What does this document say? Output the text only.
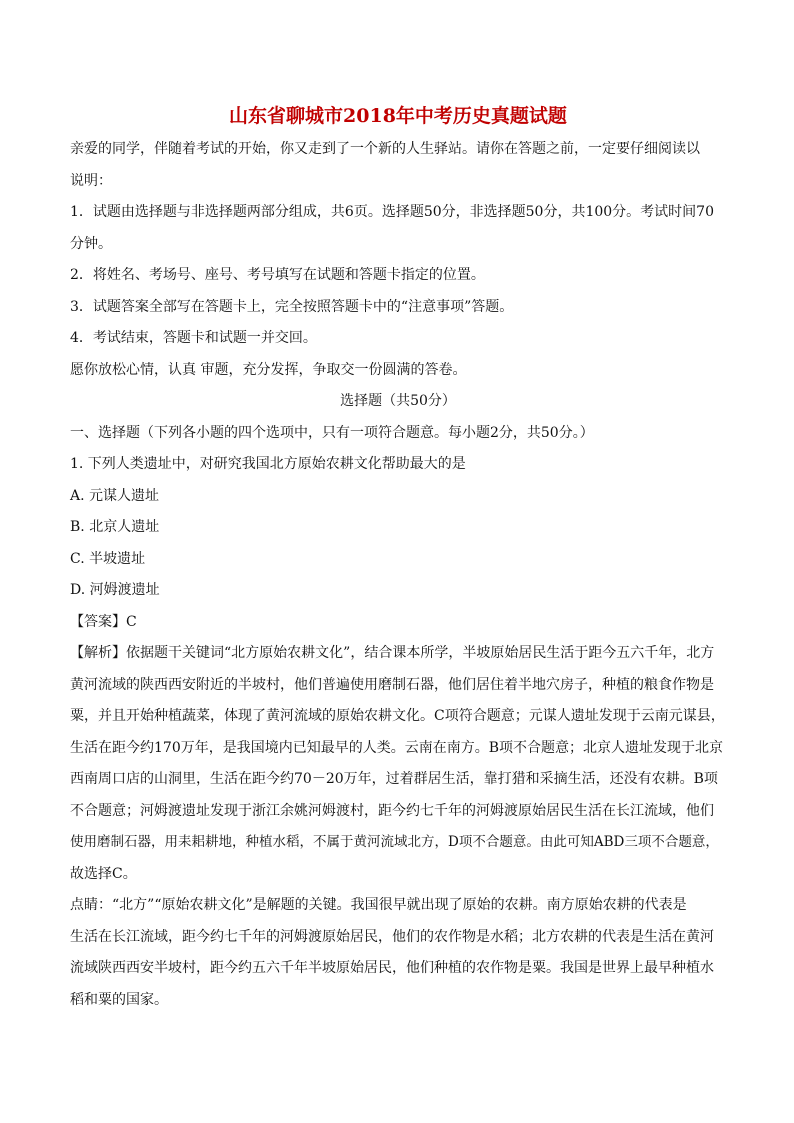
山东省聊城市2018年中考历史真题试题
亲爱的同学，伴随着考试的开始，你又走到了一个新的人生驿站。请你在答题之前，一定要仔细阅读以
说明：
1．试题由选择题与非选择题两部分组成，共6页。选择题50分，非选择题50分，共100分。考试时间70
分钟。
2．将姓名、考场号、座号、考号填写在试题和答题卡指定的位置。
3．试题答案全部写在答题卡上，完全按照答题卡中的“注意事项”答题。
4．考试结束，答题卡和试题一并交回。
愿你放松心情，认真 审题，充分发挥，争取交一份圆满的答卷。
选择题（共50分）
一、选择题（下列各小题的四个选项中，只有一项符合题意。每小题2分，共50分。）
1. 下列人类遗址中，对研究我国北方原始农耕文化帮助最大的是
A. 元谋人遗址
B. 北京人遗址
C. 半坡遗址
D. 河姆渡遗址
【答案】C
【解析】依据题干关键词“北方原始农耕文化”，结合课本所学，半坡原始居民生活于距今五六千年，北方
黄河流域的陕西西安附近的半坡村，他们普遍使用磨制石器，他们居住着半地穴房子，种植的粮食作物是
粟，并且开始种植蔬菜，体现了黄河流域的原始农耕文化。C项符合题意；元谋人遗址发现于云南元谋县，
生活在距今约170万年，是我国境内已知最早的人类。云南在南方。B项不合题意；北京人遗址发现于北京
西南周口店的山洞里，生活在距今约70－20万年，过着群居生活，靠打猎和采摘生活，还没有农耕。B项
不合题意；河姆渡遗址发现于浙江余姚河姆渡村，距今约七千年的河姆渡原始居民生活在长江流域，他们
使用磨制石器，用耒耜耕地，种植水稻，不属于黄河流域北方，D项不合题意。由此可知ABD三项不合题意，
故选择C。
点睛：“北方”“原始农耕文化”是解题的关键。我国很早就出现了原始的农耕。南方原始农耕的代表是
生活在长江流域，距今约七千年的河姆渡原始居民，他们的农作物是水稻；北方农耕的代表是生活在黄河
流域陕西西安半坡村，距今约五六千年半坡原始居民，他们种植的农作物是粟。我国是世界上最早种植水
稻和粟的国家。
